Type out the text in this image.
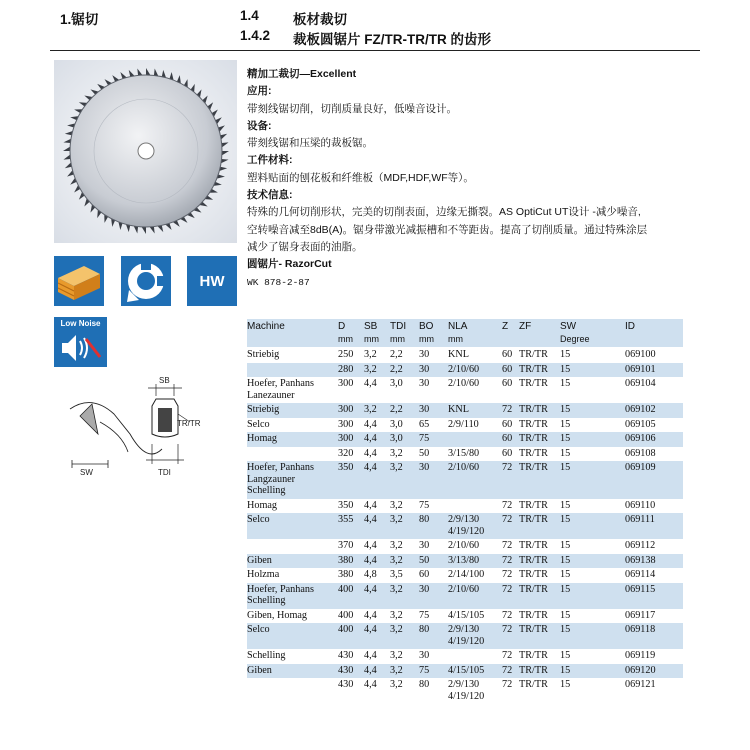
1.锯切	1.4	板材裁切
1.4.2 裁板圆锯片 FZ/TR-TR/TR 的齿形
HW
Low Noise
SB
TR/TR
SW	TDI
精加工裁切—Excellent
应用:
带刻线锯切削，切削质量良好，低噪音设计。
设备:
带刻线锯和压梁的裁板锯。
工件材料:
塑料贴面的刨花板和纤维板（MDF,HDF,WF等）。
技术信息:
特殊的几何切削形状，完美的切削表面，边缘无撕裂。AS OptiCut UT设计 -减少噪音,
空转噪音减至8dB(A)。锯身带激光减振槽和不等距齿。提高了切削质量。通过特殊涂层
减少了锯身表面的油脂。
圆锯片- RazorCut
WK 878-2-87
Machine	D SB TDI BO NLA	Z ZF	SW	ID
mm mm mm mm mm	Degree
Striebig	250 3,2 2,2 30 KNL	60 TR/TR 15	069100
280 3,2 2,2 30 2/10/60 60 TR/TR 15	069101
Hoefer, Panhans 300 4,4 3,0 30 2/10/60 60 TR/TR 15	069104
Lanezauner
Striebig	300 3,2 2,2 30 KNL	72 TR/TR 15	069102
Selco	300 4,4 3,0 65 2/9/110 60 TR/TR 15	069105
Homag	300 4,4 3,0 75	60 TR/TR 15	069106
320 4,4 3,2 50 3/15/80 60 TR/TR 15	069108
Hoefer, Panhans 350 4,4 3,2 30 2/10/60 72 TR/TR 15	069109
Langzauner
Schelling
Homag	350 4,4 3,2 75	72 TR/TR 15	069110
Selco	355 4,4 3,2 80 2/9/130 72 TR/TR 15	069111
4/19/120
370 4,4 3,2 30 2/10/60 72 TR/TR 15	069112
Giben	380 4,4 3,2 50 3/13/80 72 TR/TR 15	069138
Holzma	380 4,8 3,5 60 2/14/100 72 TR/TR 15	069114
Hoefer, Panhans 400 4,4 3,2 30 2/10/60 72 TR/TR 15	069115
Schelling
Giben, Homag	400 4,4 3,2 75 4/15/105 72 TR/TR 15	069117
Selco	400 4,4 3,2 80 2/9/130 72 TR/TR 15	069118
4/19/120
Schelling	430 4,4 3,2 30	72 TR/TR 15	069119
Giben	430 4,4 3,2 75 4/15/105 72 TR/TR 15	069120
430 4,4 3,2 80 2/9/130 72 TR/TR 15	069121
4/19/120
